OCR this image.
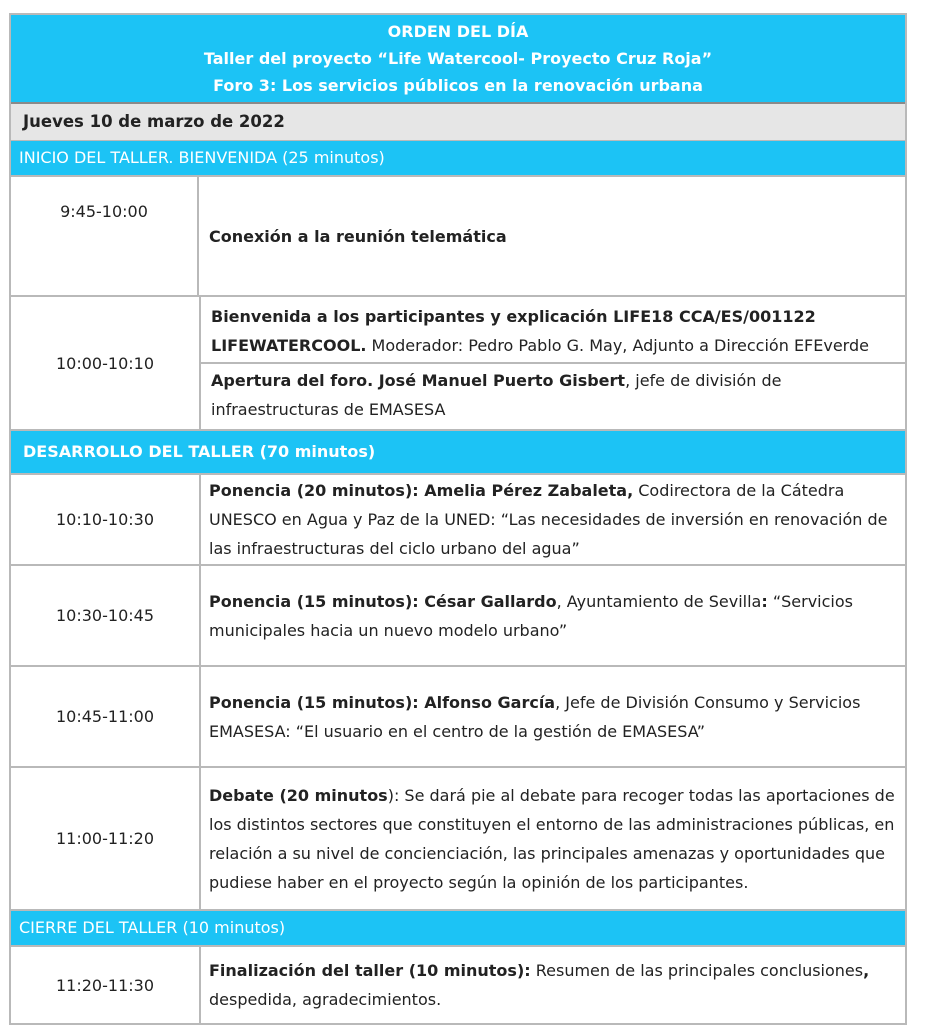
ORDEN DEL DÍA
Taller del proyecto “Life Watercool- Proyecto Cruz Roja”
Foro 3: Los servicios públicos en la renovación urbana
Jueves 10 de marzo de 2022
INICIO DEL TALLER. BIENVENIDA (25 minutos)
9:45-10:00
Conexión a la reunión telemática
10:00-10:10
Bienvenida a los participantes y explicación LIFE18 CCA/ES/001122 LIFEWATERCOOL. Moderador: Pedro Pablo G. May, Adjunto a Dirección EFEverde
Apertura del foro. José Manuel Puerto Gisbert, jefe de división de infraestructuras de EMASESA
DESARROLLO DEL TALLER (70 minutos)
10:10-10:30
Ponencia (20 minutos): Amelia Pérez Zabaleta, Codirectora de la Cátedra UNESCO en Agua y Paz de la UNED: “Las necesidades de inversión en renovación de las infraestructuras del ciclo urbano del agua”
10:30-10:45
Ponencia (15 minutos): César Gallardo, Ayuntamiento de Sevilla: “Servicios municipales hacia un nuevo modelo urbano”
10:45-11:00
Ponencia (15 minutos): Alfonso García, Jefe de División Consumo y Servicios EMASESA: “El usuario en el centro de la gestión de EMASESA”
11:00-11:20
Debate (20 minutos): Se dará pie al debate para recoger todas las aportaciones de los distintos sectores que constituyen el entorno de las administraciones públicas, en relación a su nivel de concienciación, las principales amenazas y oportunidades que pudiese haber en el proyecto según la opinión de los participantes.
CIERRE DEL TALLER (10 minutos)
11:20-11:30
Finalización del taller (10 minutos): Resumen de las principales conclusiones, despedida, agradecimientos.
